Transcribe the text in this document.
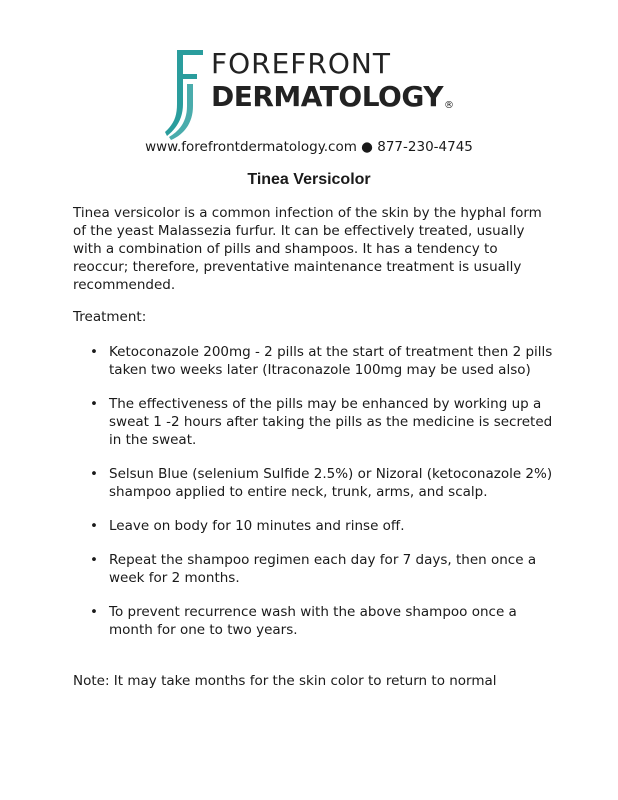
FOREFRONT
DERMATOLOGY®
www.forefrontdermatology.com ● 877-230-4745
Tinea Versicolor
Tinea versicolor is a common infection of the skin by the hyphal form of the yeast Malassezia furfur. It can be effectively treated, usually with a combination of pills and shampoos. It has a tendency to reoccur; therefore, preventative maintenance treatment is usually recommended.
Treatment:
• Ketoconazole 200mg - 2 pills at the start of treatment then 2 pills taken two weeks later (Itraconazole 100mg may be used also)
• The effectiveness of the pills may be enhanced by working up a sweat 1 -2 hours after taking the pills as the medicine is secreted in the sweat.
• Selsun Blue (selenium Sulfide 2.5%) or Nizoral (ketoconazole 2%) shampoo applied to entire neck, trunk, arms, and scalp.
• Leave on body for 10 minutes and rinse off.
• Repeat the shampoo regimen each day for 7 days, then once a week for 2 months.
• To prevent recurrence wash with the above shampoo once a month for one to two years.
Note: It may take months for the skin color to return to normal
